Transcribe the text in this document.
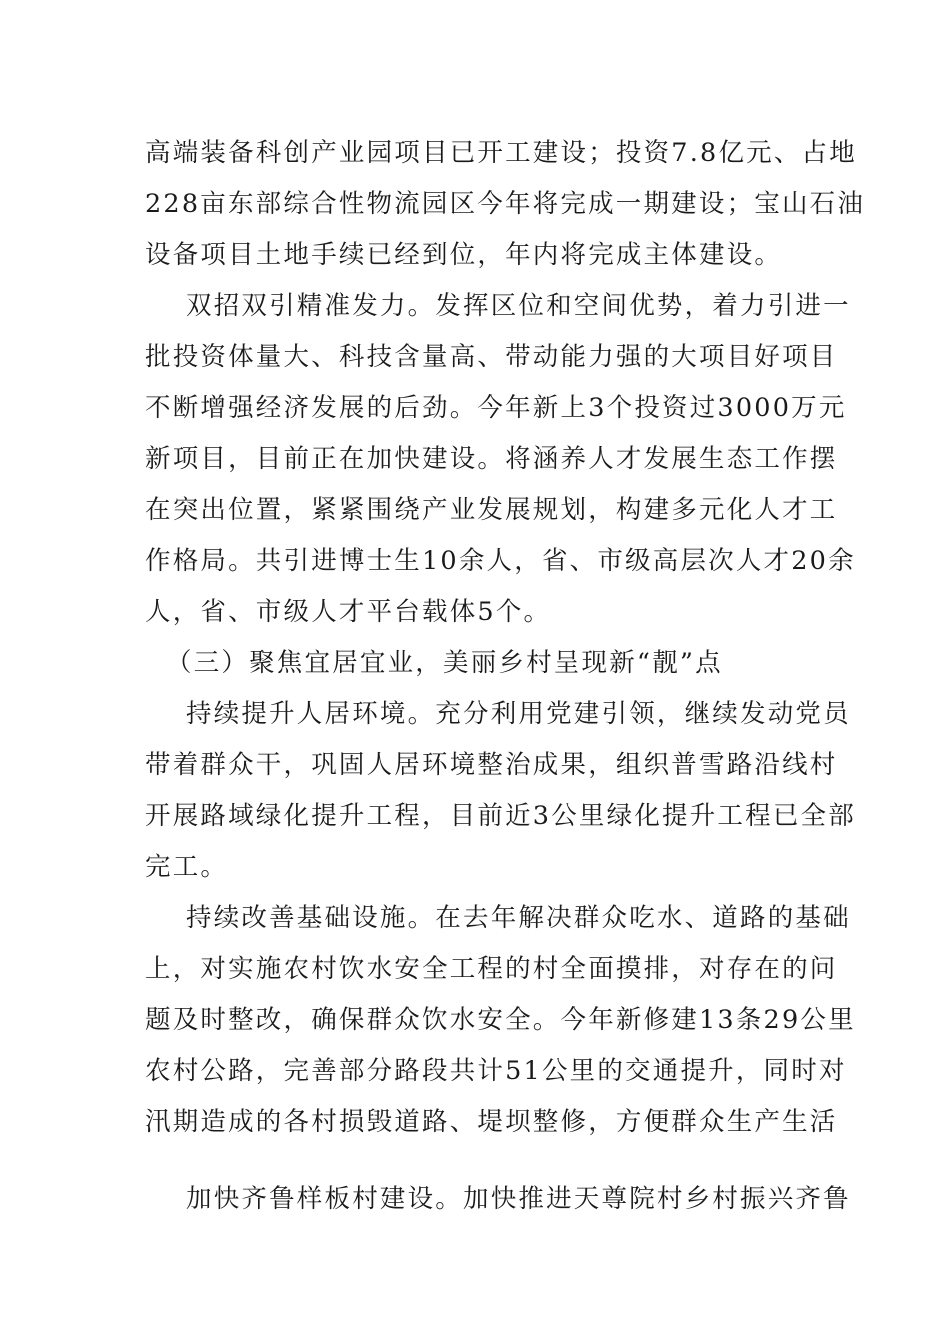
高端装备科创产业园项目已开工建设；投资7.8亿元、占地
228亩东部综合性物流园区今年将完成一期建设；宝山石油
设备项目土地手续已经到位，年内将完成主体建设。
双招双引精准发力。发挥区位和空间优势，着力引进一
批投资体量大、科技含量高、带动能力强的大项目好项目
不断增强经济发展的后劲。今年新上3个投资过3000万元
新项目，目前正在加快建设。将涵养人才发展生态工作摆
在突出位置，紧紧围绕产业发展规划，构建多元化人才工
作格局。共引进博士生10余人，省、市级高层次人才20余
人，省、市级人才平台载体5个。
（三）聚焦宜居宜业，美丽乡村呈现新“靓”点
持续提升人居环境。充分利用党建引领，继续发动党员
带着群众干，巩固人居环境整治成果，组织普雪路沿线村
开展路域绿化提升工程，目前近3公里绿化提升工程已全部
完工。
持续改善基础设施。在去年解决群众吃水、道路的基础
上，对实施农村饮水安全工程的村全面摸排，对存在的问
题及时整改，确保群众饮水安全。今年新修建13条29公里
农村公路，完善部分路段共计51公里的交通提升，同时对
汛期造成的各村损毁道路、堤坝整修，方便群众生产生活
加快齐鲁样板村建设。加快推进天尊院村乡村振兴齐鲁
